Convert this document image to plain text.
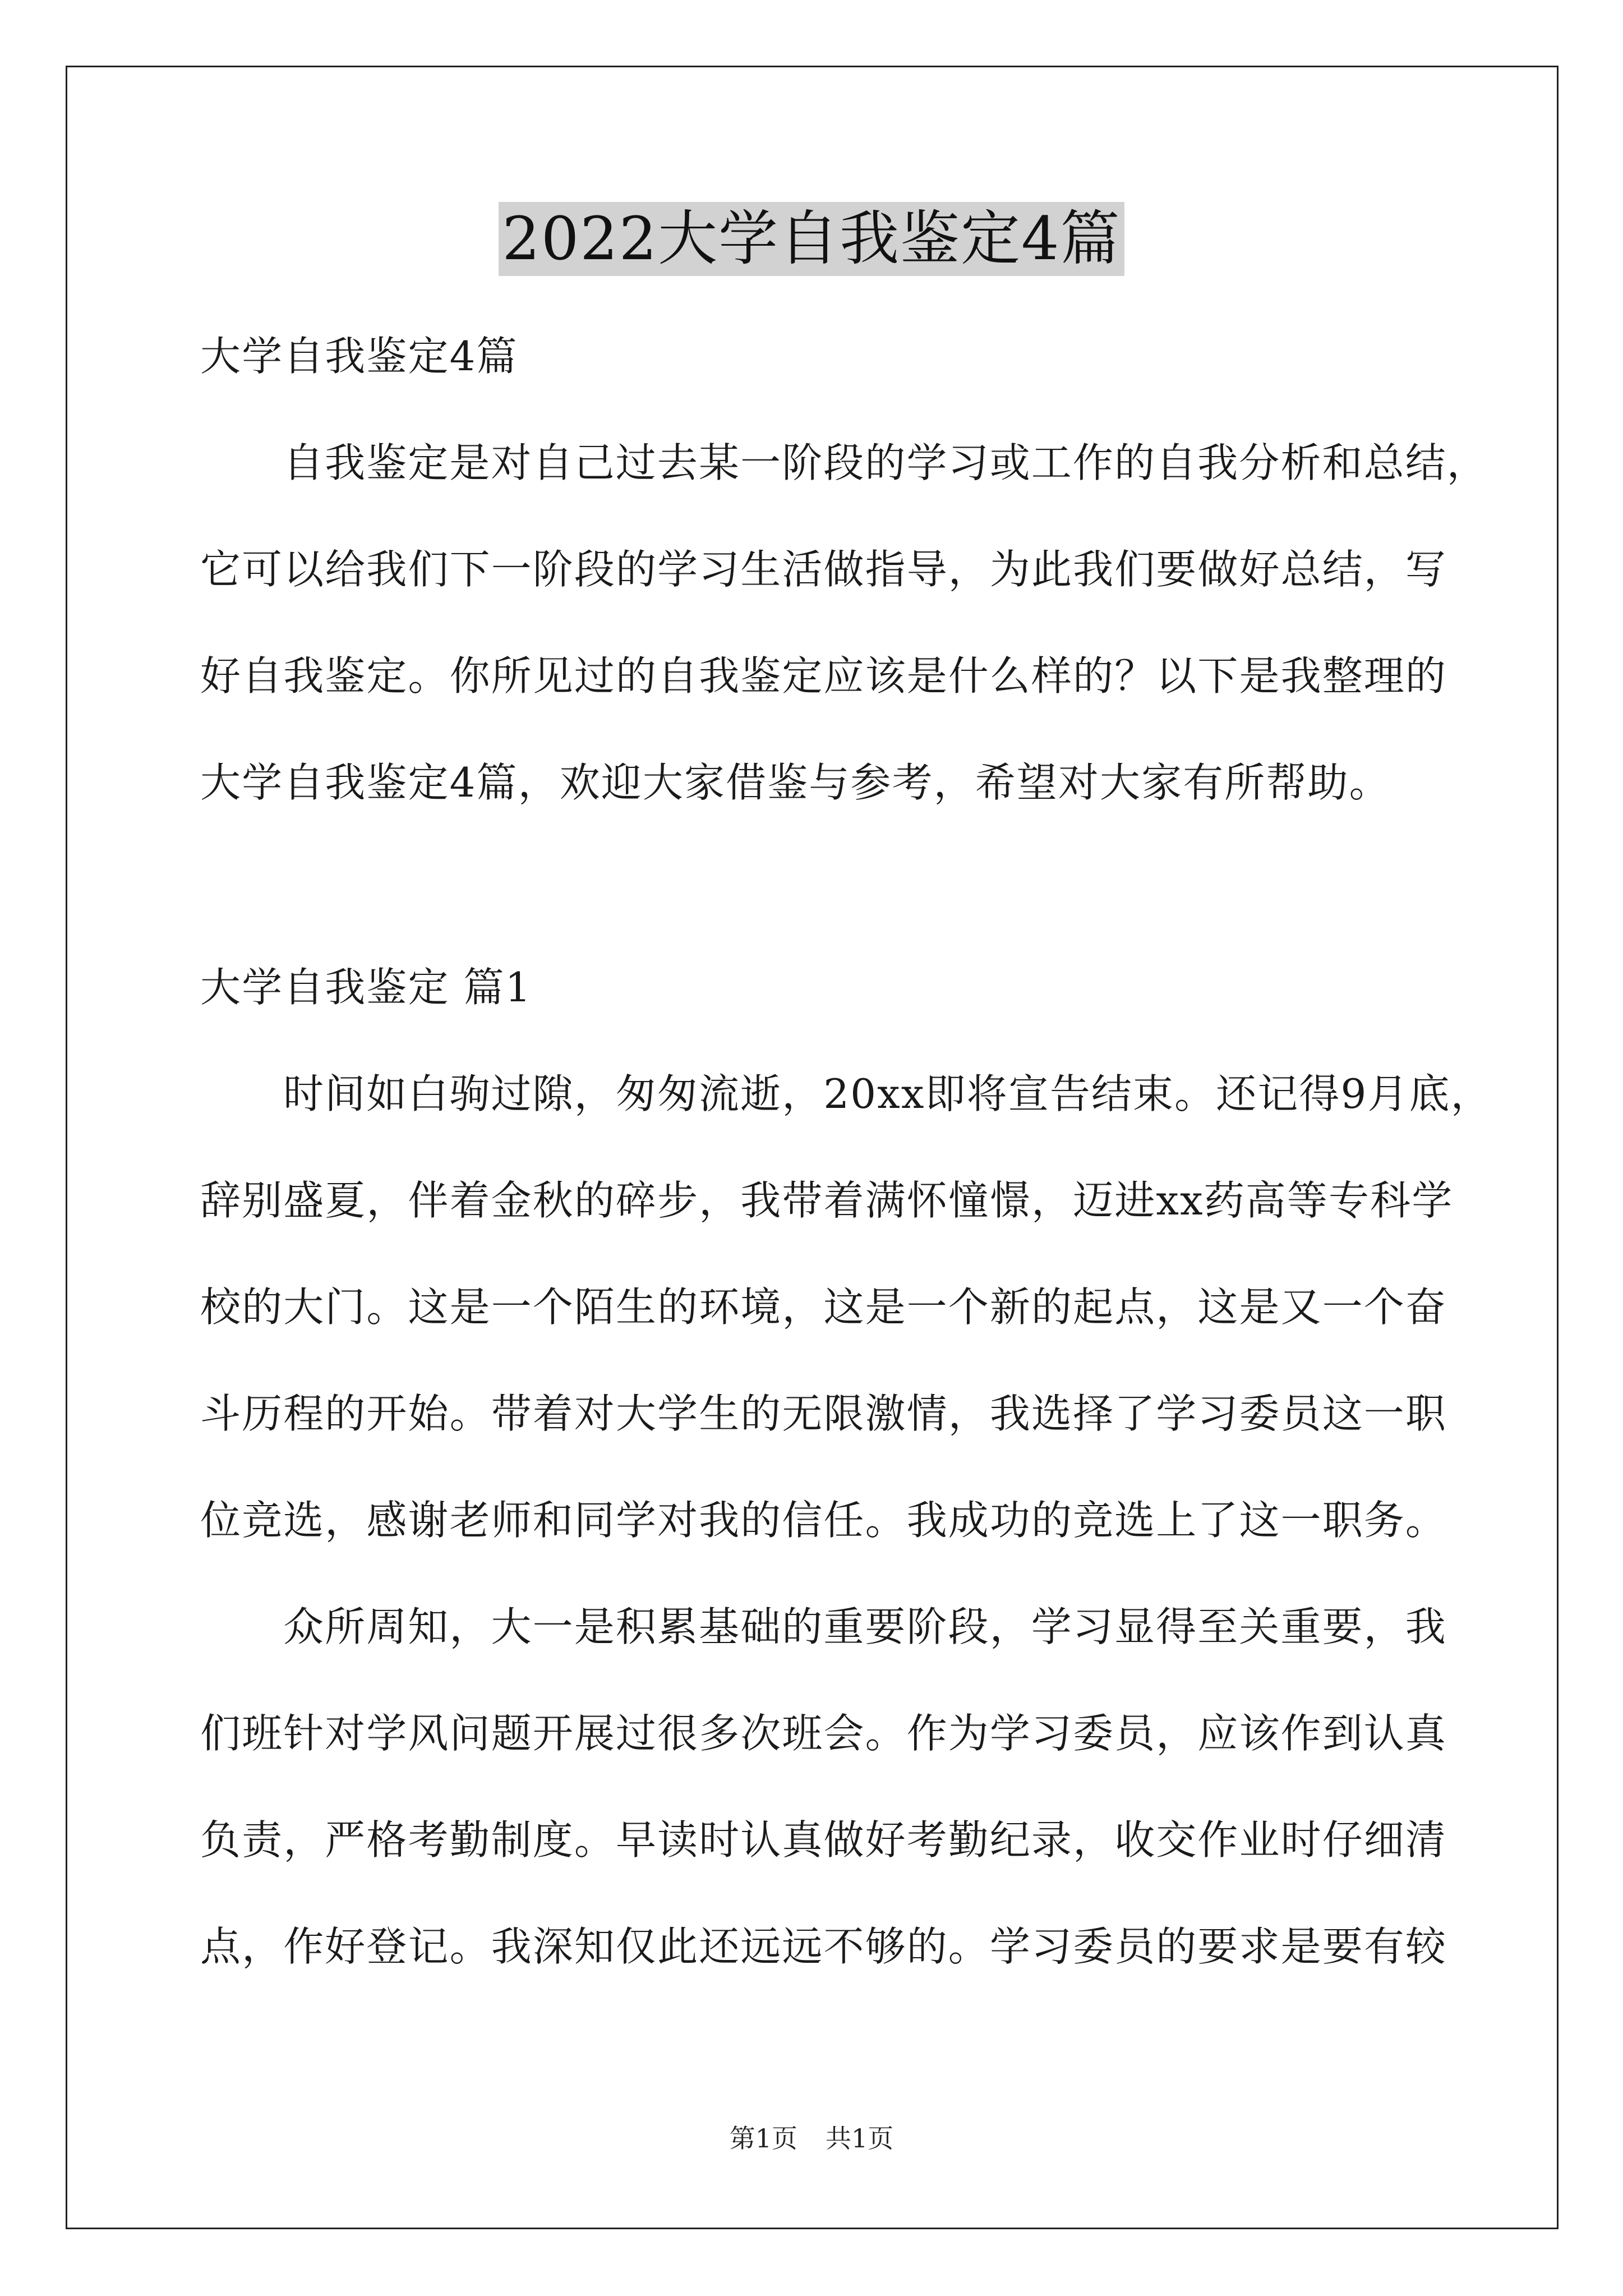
2022大学自我鉴定4篇
大学自我鉴定4篇
自我鉴定是对自己过去某一阶段的学习或工作的自我分析和总结，
它可以给我们下一阶段的学习生活做指导，为此我们要做好总结，写
好自我鉴定。你所见过的自我鉴定应该是什么样的？以下是我整理的
大学自我鉴定4篇，欢迎大家借鉴与参考，希望对大家有所帮助。
大学自我鉴定 篇1
时间如白驹过隙，匆匆流逝，20xx即将宣告结束。还记得9月底，
辞别盛夏，伴着金秋的碎步，我带着满怀憧憬，迈进xx药高等专科学
校的大门。这是一个陌生的环境，这是一个新的起点，这是又一个奋
斗历程的开始。带着对大学生的无限激情，我选择了学习委员这一职
位竞选，感谢老师和同学对我的信任。我成功的竞选上了这一职务。
众所周知，大一是积累基础的重要阶段，学习显得至关重要，我
们班针对学风问题开展过很多次班会。作为学习委员，应该作到认真
负责，严格考勤制度。早读时认真做好考勤纪录，收交作业时仔细清
点，作好登记。我深知仅此还远远不够的。学习委员的要求是要有较
第1页 共1页
